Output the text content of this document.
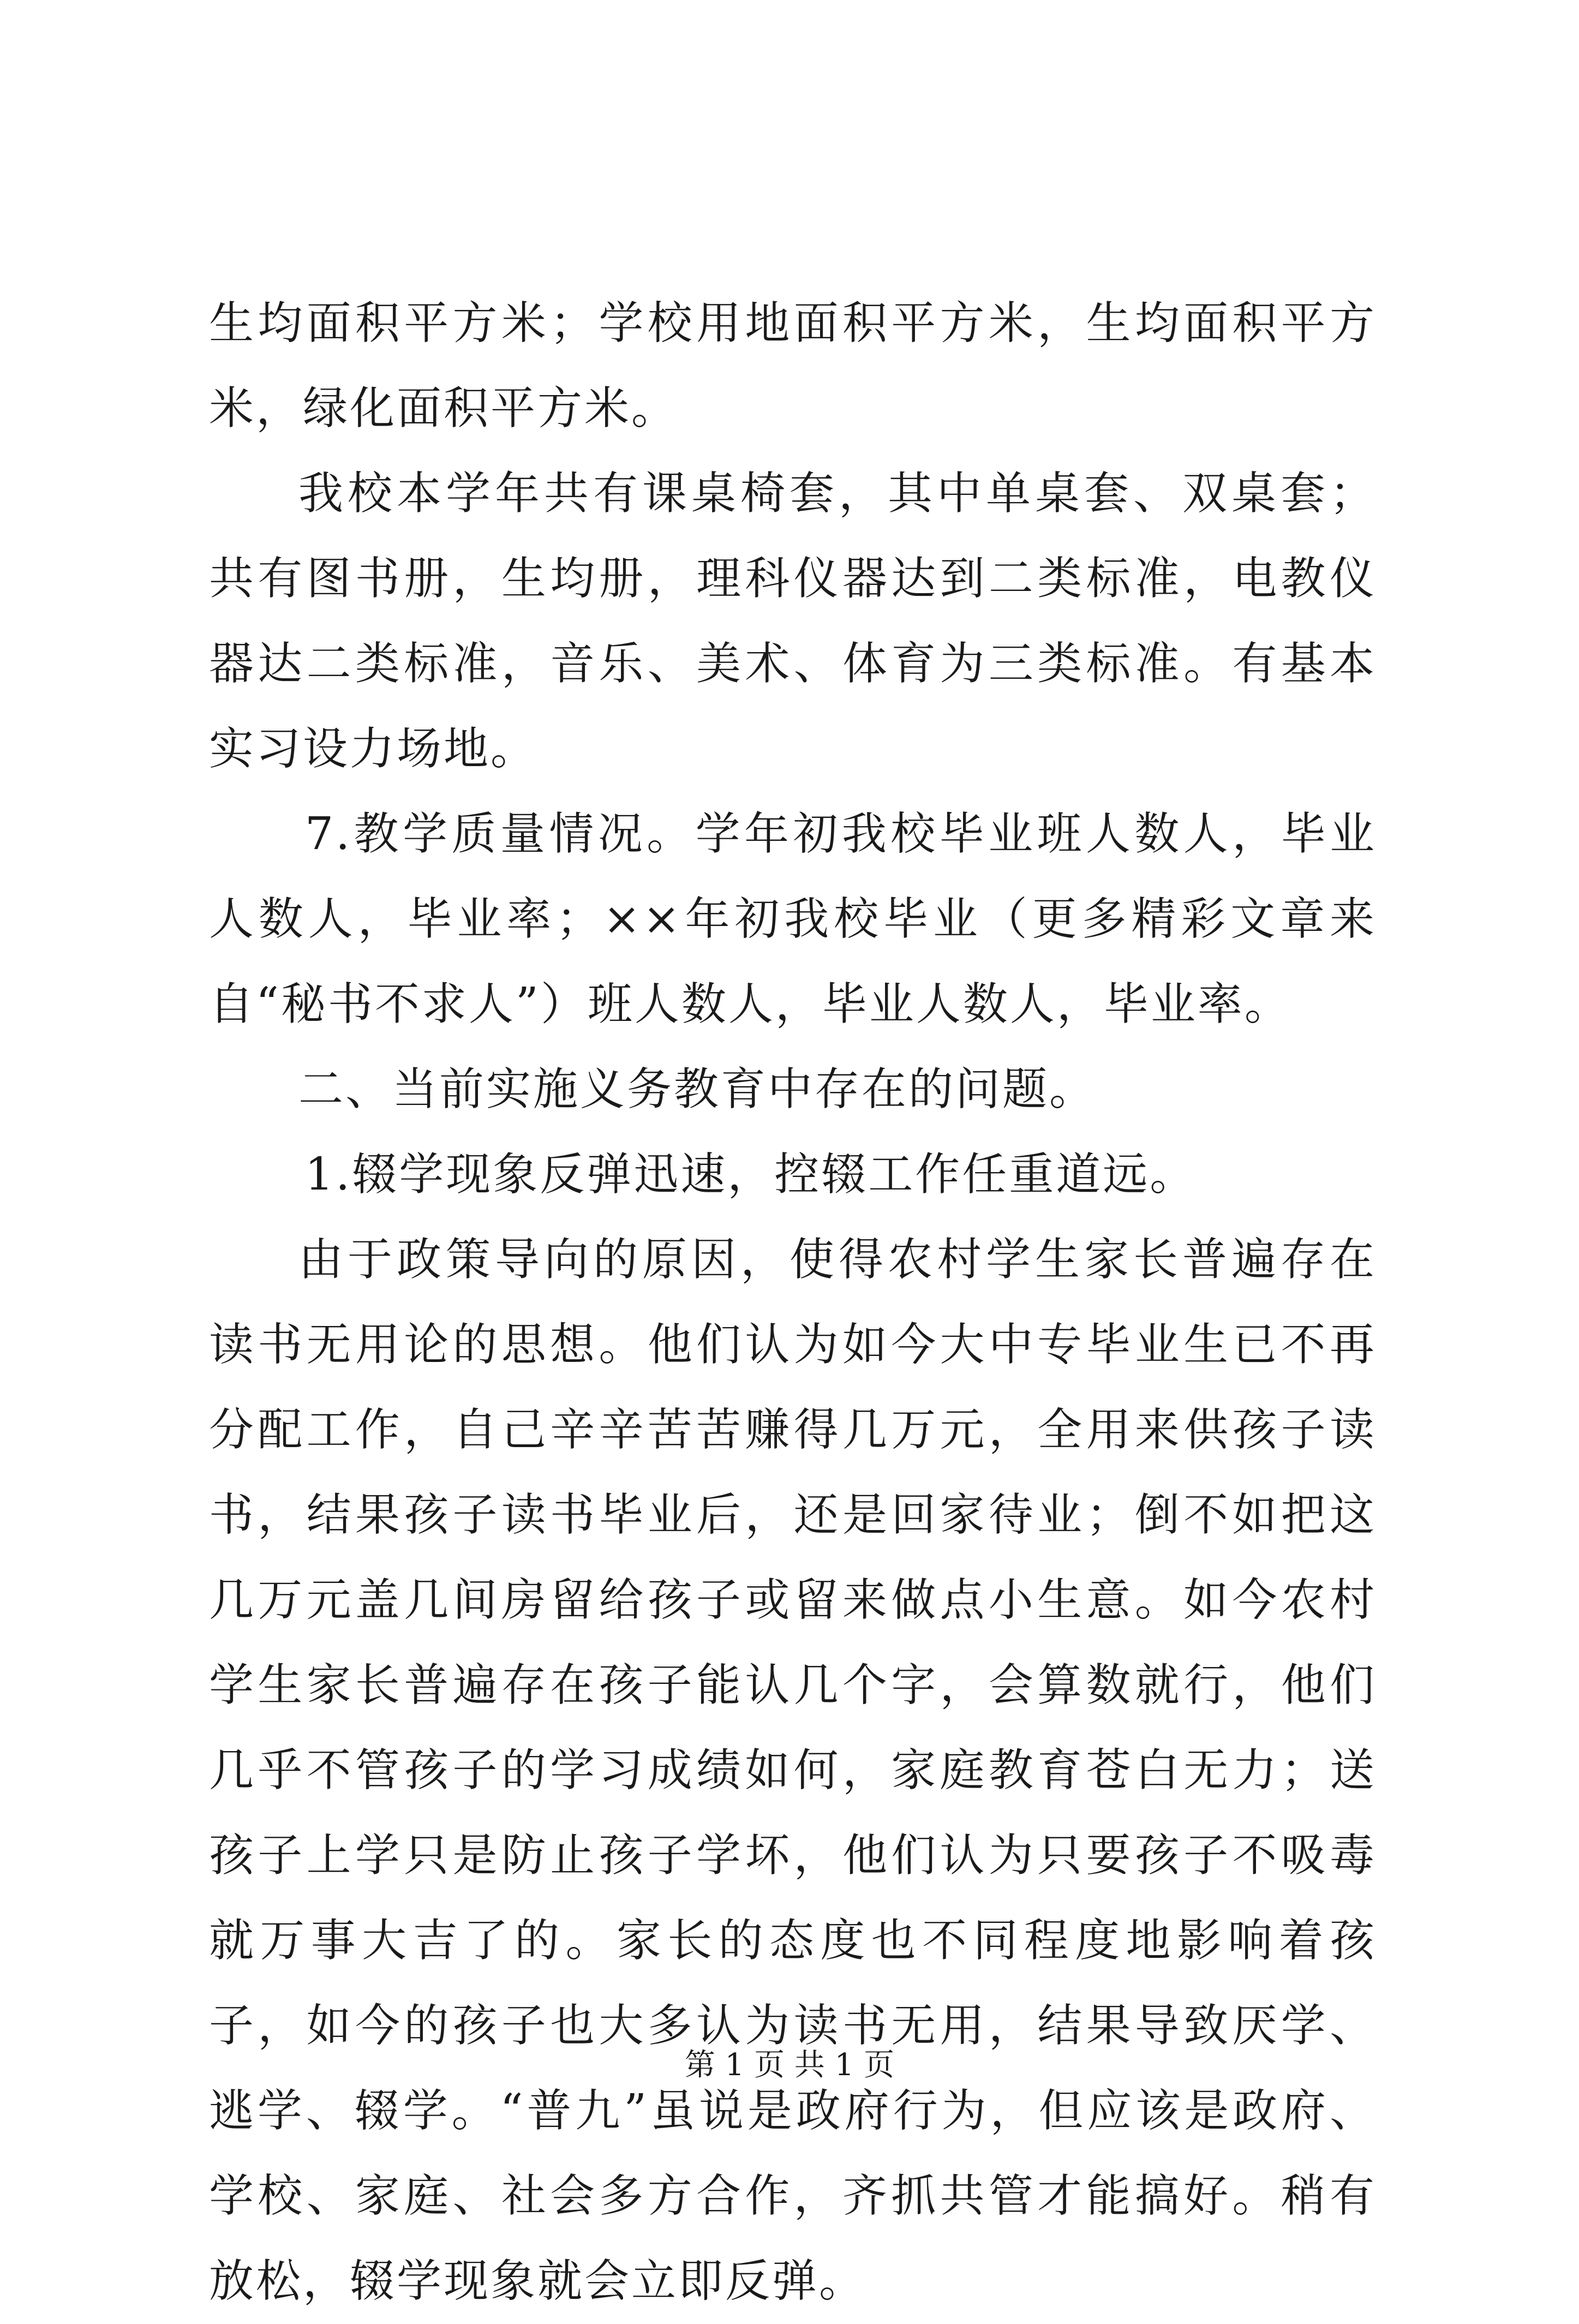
生均面积平方米；学校用地面积平方米，生均面积平方米，绿化面积平方米。

我校本学年共有课桌椅套，其中单桌套、双桌套；共有图书册，生均册，理科仪器达到二类标准，电教仪器达二类标准，音乐、美术、体育为三类标准。有基本实习设力场地。

7.教学质量情况。学年初我校毕业班人数人，毕业人数人，毕业率；××年初我校毕业（更多精彩文章来自“秘书不求人”）班人数人，毕业人数人，毕业率。

二、当前实施义务教育中存在的问题。

1.辍学现象反弹迅速，控辍工作任重道远。

由于政策导向的原因，使得农村学生家长普遍存在读书无用论的思想。他们认为如今大中专毕业生已不再分配工作，自己辛辛苦苦赚得几万元，全用来供孩子读书，结果孩子读书毕业后，还是回家待业；倒不如把这几万元盖几间房留给孩子或留来做点小生意。如今农村学生家长普遍存在孩子能认几个字，会算数就行，他们几乎不管孩子的学习成绩如何，家庭教育苍白无力；送孩子上学只是防止孩子学坏，他们认为只要孩子不吸毒就万事大吉了的。家长的态度也不同程度地影响着孩子，如今的孩子也大多认为读书无用，结果导致厌学、逃学、辍学。“普九”虽说是政府行为，但应该是政府、学校、家庭、社会多方合作，齐抓共管才能搞好。稍有放松，辍学现象就会立即反弹。

第 1 页 共 1 页
